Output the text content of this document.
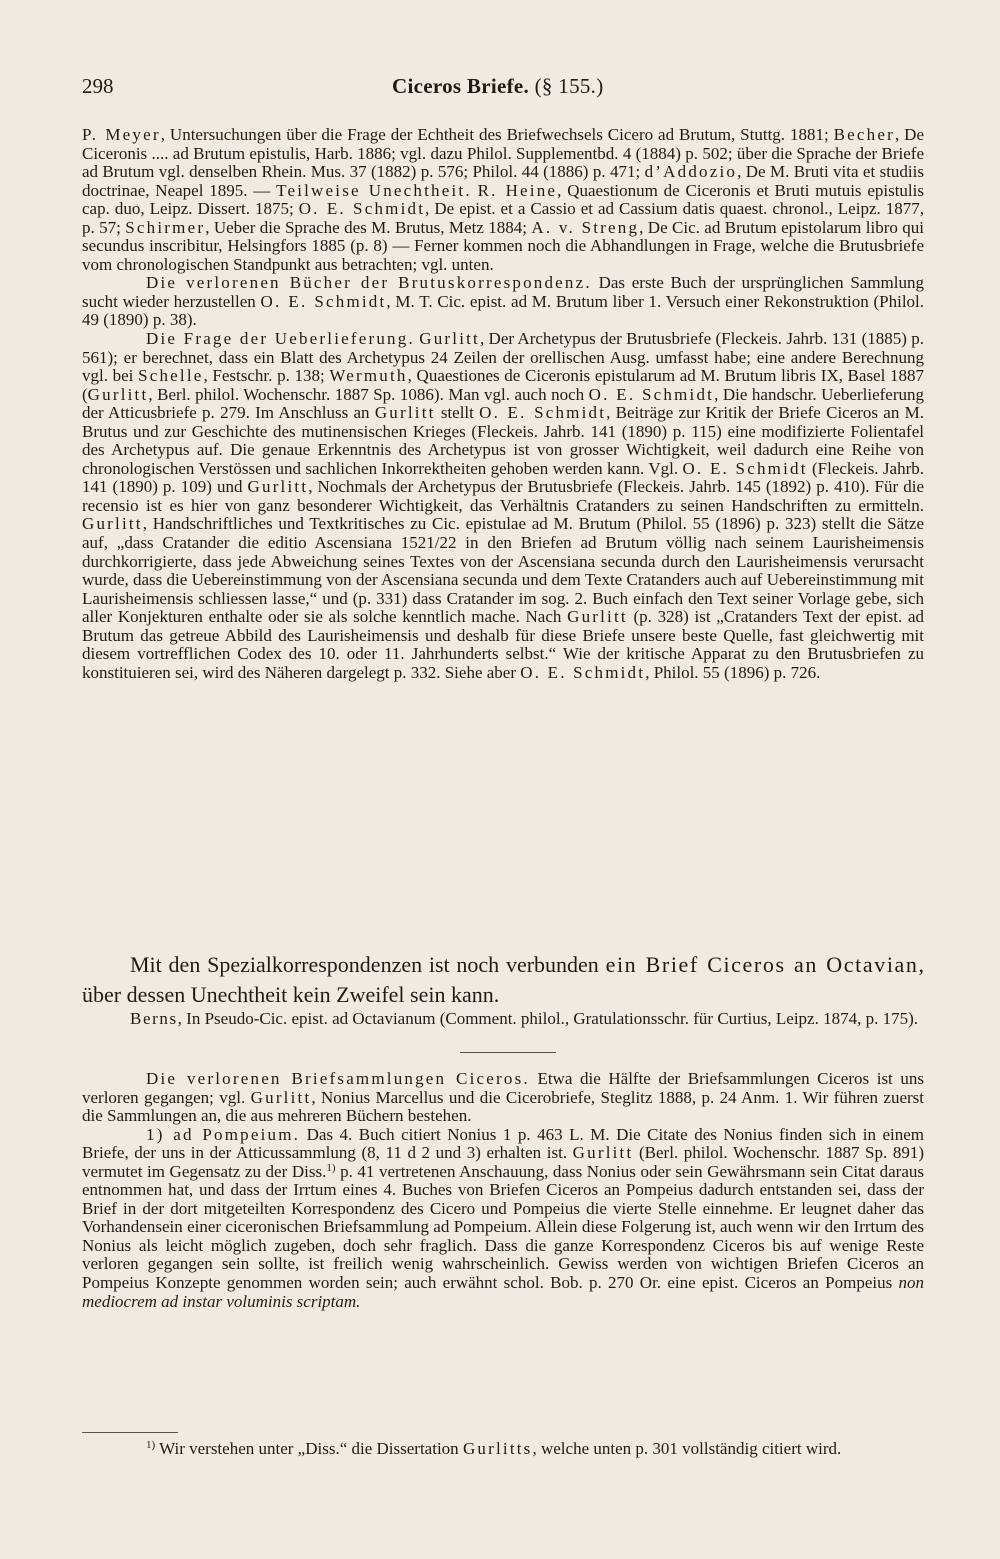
298	Ciceros Briefe. (§ 155.)

P. Meyer, Untersuchungen über die Frage der Echtheit des Briefwechsels Cicero ad Brutum, Stuttg. 1881; Becher, De Ciceronis .... ad Brutum epistulis, Harb. 1886; vgl. dazu Philol. Supplementbd. 4 (1884) p. 502; über die Sprache der Briefe ad Brutum vgl. denselben Rhein. Mus. 37 (1882) p. 576; Philol. 44 (1886) p. 471; d’Addozio, De M. Bruti vita et studiis doctrinae, Neapel 1895. — Teilweise Unechtheit. R. Heine, Quaestionum de Ciceronis et Bruti mutuis epistulis cap. duo, Leipz. Dissert. 1875; O. E. Schmidt, De epist. et a Cassio et ad Cassium datis quaest. chronol., Leipz. 1877, p. 57; Schirmer, Ueber die Sprache des M. Brutus, Metz 1884; A. v. Streng, De Cic. ad Brutum epistolarum libro qui secundus inscribitur, Helsingfors 1885 (p. 8) — Ferner kommen noch die Abhandlungen in Frage, welche die Brutusbriefe vom chronologischen Standpunkt aus betrachten; vgl. unten.

Die verlorenen Bücher der Brutuskorrespondenz. Das erste Buch der ursprünglichen Sammlung sucht wieder herzustellen O. E. Schmidt, M. T. Cic. epist. ad M. Brutum liber 1. Versuch einer Rekonstruktion (Philol. 49 (1890) p. 38).

Die Frage der Ueberlieferung. Gurlitt, Der Archetypus der Brutusbriefe (Fleckeis. Jahrb. 131 (1885) p. 561); er berechnet, dass ein Blatt des Archetypus 24 Zeilen der orellischen Ausg. umfasst habe; eine andere Berechnung vgl. bei Schelle, Festschr. p. 138; Wermuth, Quaestiones de Ciceronis epistularum ad M. Brutum libris IX, Basel 1887 (Gurlitt, Berl. philol. Wochenschr. 1887 Sp. 1086). Man vgl. auch noch O. E. Schmidt, Die handschr. Ueberlieferung der Atticusbriefe p. 279. Im Anschluss an Gurlitt stellt O. E. Schmidt, Beiträge zur Kritik der Briefe Ciceros an M. Brutus und zur Geschichte des mutinensischen Krieges (Fleckeis. Jahrb. 141 (1890) p. 115) eine modifizierte Folientafel des Archetypus auf. Die genaue Erkenntnis des Archetypus ist von grosser Wichtigkeit, weil dadurch eine Reihe von chronologischen Verstössen und sachlichen Inkorrektheiten gehoben werden kann. Vgl. O. E. Schmidt (Fleckeis. Jahrb. 141 (1890) p. 109) und Gurlitt, Nochmals der Archetypus der Brutusbriefe (Fleckeis. Jahrb. 145 (1892) p. 410). Für die recensio ist es hier von ganz besonderer Wichtigkeit, das Verhältnis Cratanders zu seinen Handschriften zu ermitteln. Gurlitt, Handschriftliches und Textkritisches zu Cic. epistulae ad M. Brutum (Philol. 55 (1896) p. 323) stellt die Sätze auf, „dass Cratander die editio Ascensiana 1521/22 in den Briefen ad Brutum völlig nach seinem Laurisheimensis durchkorrigierte, dass jede Abweichung seines Textes von der Ascensiana secunda durch den Laurisheimensis verursacht wurde, dass die Uebereinstimmung von der Ascensiana secunda und dem Texte Cratanders auch auf Uebereinstimmung mit Laurisheimensis schliessen lasse,“ und (p. 331) dass Cratander im sog. 2. Buch einfach den Text seiner Vorlage gebe, sich aller Konjekturen enthalte oder sie als solche kenntlich mache. Nach Gurlitt (p. 328) ist „Cratanders Text der epist. ad Brutum das getreue Abbild des Laurisheimensis und deshalb für diese Briefe unsere beste Quelle, fast gleichwertig mit diesem vortrefflichen Codex des 10. oder 11. Jahrhunderts selbst.“ Wie der kritische Apparat zu den Brutusbriefen zu konstituieren sei, wird des Näheren dargelegt p. 332. Siehe aber O. E. Schmidt, Philol. 55 (1896) p. 726.

Mit den Spezialkorrespondenzen ist noch verbunden ein Brief Ciceros an Octavian, über dessen Unechtheit kein Zweifel sein kann.

Berns, In Pseudo-Cic. epist. ad Octavianum (Comment. philol., Gratulationsschr. für Curtius, Leipz. 1874, p. 175).

Die verlorenen Briefsammlungen Ciceros. Etwa die Hälfte der Briefsammlungen Ciceros ist uns verloren gegangen; vgl. Gurlitt, Nonius Marcellus und die Cicerobriefe, Steglitz 1888, p. 24 Anm. 1. Wir führen zuerst die Sammlungen an, die aus mehreren Büchern bestehen.

1) ad Pompeium. Das 4. Buch citiert Nonius 1 p. 463 L. M. Die Citate des Nonius finden sich in einem Briefe, der uns in der Atticussammlung (8, 11 d 2 und 3) erhalten ist. Gurlitt (Berl. philol. Wochenschr. 1887 Sp. 891) vermutet im Gegensatz zu der Diss.$^{1)}$ p. 41 vertretenen Anschauung, dass Nonius oder sein Gewährsmann sein Citat daraus entnommen hat, und dass der Irrtum eines 4. Buches von Briefen Ciceros an Pompeius dadurch entstanden sei, dass der Brief in der dort mitgeteilten Korrespondenz des Cicero und Pompeius die vierte Stelle einnehme. Er leugnet daher das Vorhandensein einer ciceronischen Briefsammlung ad Pompeium. Allein diese Folgerung ist, auch wenn wir den Irrtum des Nonius als leicht möglich zugeben, doch sehr fraglich. Dass die ganze Korrespondenz Ciceros bis auf wenige Reste verloren gegangen sein sollte, ist freilich wenig wahrscheinlich. Gewiss werden von wichtigen Briefen Ciceros an Pompeius Konzepte genommen worden sein; auch erwähnt schol. Bob. p. 270 Or. eine epist. Ciceros an Pompeius non mediocrem ad instar voluminis scriptam.

$^{1)}$ Wir verstehen unter „Diss.“ die Dissertation Gurlitts, welche unten p. 301 vollständig citiert wird.
